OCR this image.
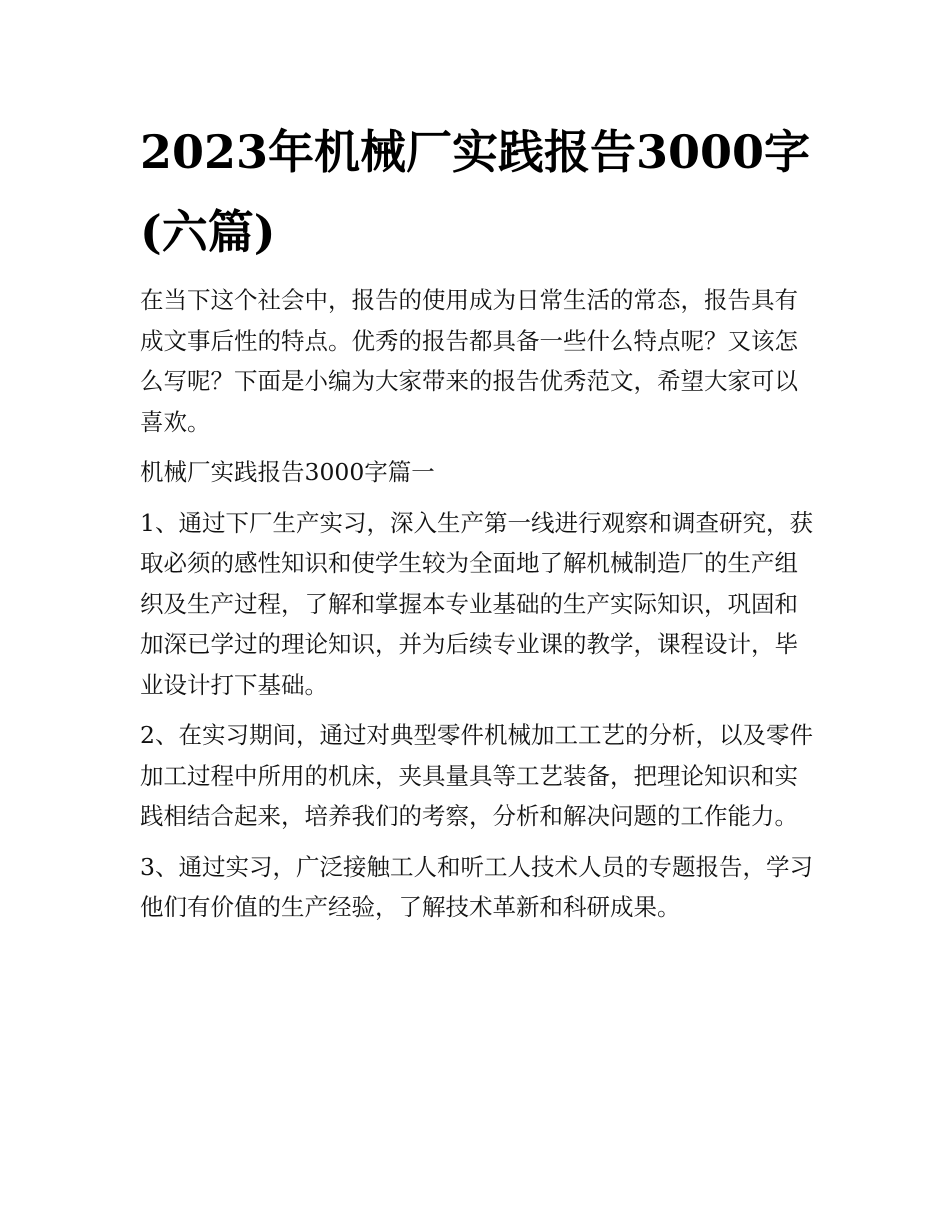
2023年机械厂实践报告3000字(六篇)

在当下这个社会中，报告的使用成为日常生活的常态，报告具有成文事后性的特点。优秀的报告都具备一些什么特点呢？又该怎么写呢？下面是小编为大家带来的报告优秀范文，希望大家可以喜欢。

机械厂实践报告3000字篇一

1、通过下厂生产实习，深入生产第一线进行观察和调查研究，获取必须的感性知识和使学生较为全面地了解机械制造厂的生产组织及生产过程，了解和掌握本专业基础的生产实际知识，巩固和加深已学过的理论知识，并为后续专业课的教学，课程设计，毕业设计打下基础。

2、在实习期间，通过对典型零件机械加工工艺的分析，以及零件加工过程中所用的机床，夹具量具等工艺装备，把理论知识和实践相结合起来，培养我们的考察，分析和解决问题的工作能力。

3、通过实习，广泛接触工人和听工人技术人员的专题报告，学习他们有价值的生产经验，了解技术革新和科研成果。
